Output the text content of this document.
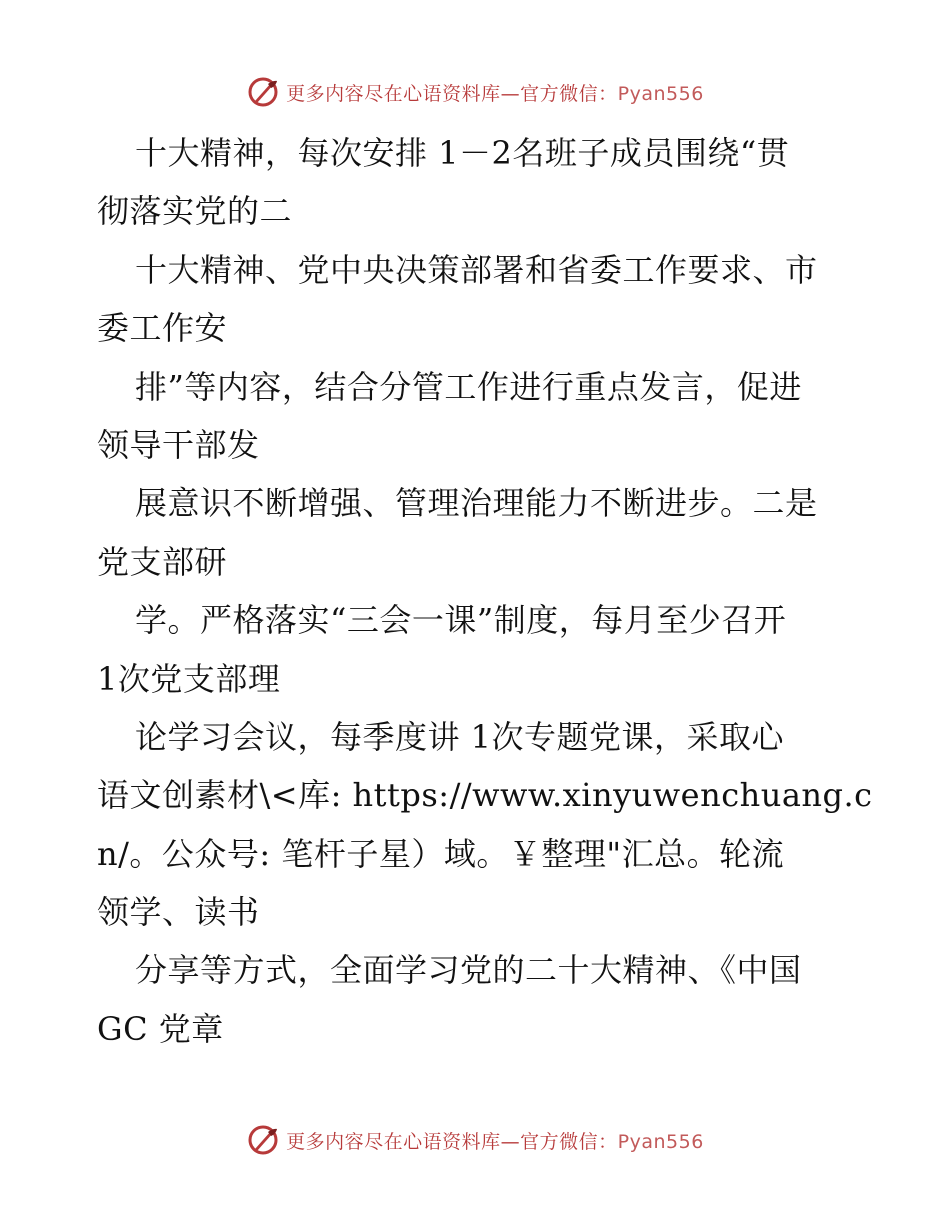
更多内容尽在心语资料库—官方微信：Pyan556
十大精神，每次安排 1－2名班子成员围绕“贯
彻落实党的二
十大精神、党中央决策部署和省委工作要求、市
委工作安
排”等内容，结合分管工作进行重点发言，促进
领导干部发
展意识不断增强、管理治理能力不断进步。二是
党支部研
学。严格落实“三会一课”制度，每月至少召开
1次党支部理
论学习会议，每季度讲 1次专题党课，采取心
语文创素材\<库: https://www.xinyuwenchuang.c
n/。公众号: 笔杆子星）域。￥整理"汇总。轮流
领学、读书
分享等方式，全面学习党的二十大精神、《中国
GC 党章
更多内容尽在心语资料库—官方微信：Pyan556
